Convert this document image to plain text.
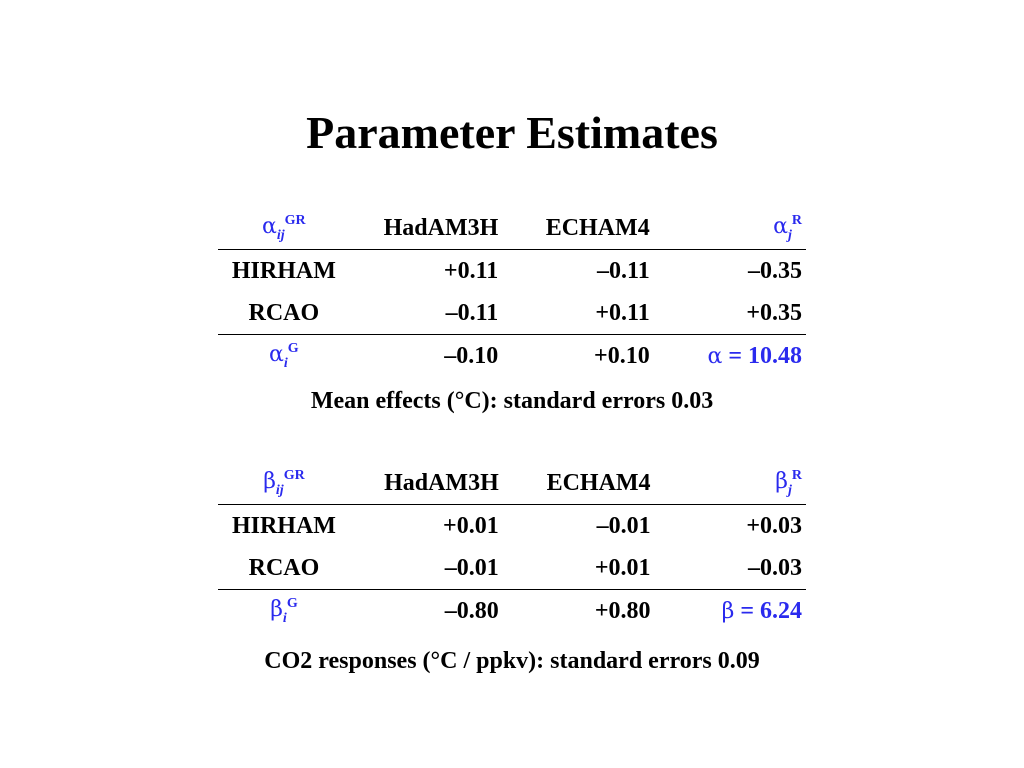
Parameter Estimates
$\alpha_{ij}^{GR}$	HadAM3H	ECHAM4	$\alpha_j^R$
HIRHAM	+0.11	–0.11	–0.35
RCAO	–0.11	+0.11	+0.35
$\alpha_i^G$	–0.10	+0.10	α = 10.48
Mean effects (°C): standard errors 0.03
$\beta_{ij}^{GR}$	HadAM3H	ECHAM4	$\beta_j^R$
HIRHAM	+0.01	–0.01	+0.03
RCAO	–0.01	+0.01	–0.03
$\beta_i^G$	–0.80	+0.80	β = 6.24
CO2 responses (°C / ppkv): standard errors 0.09
